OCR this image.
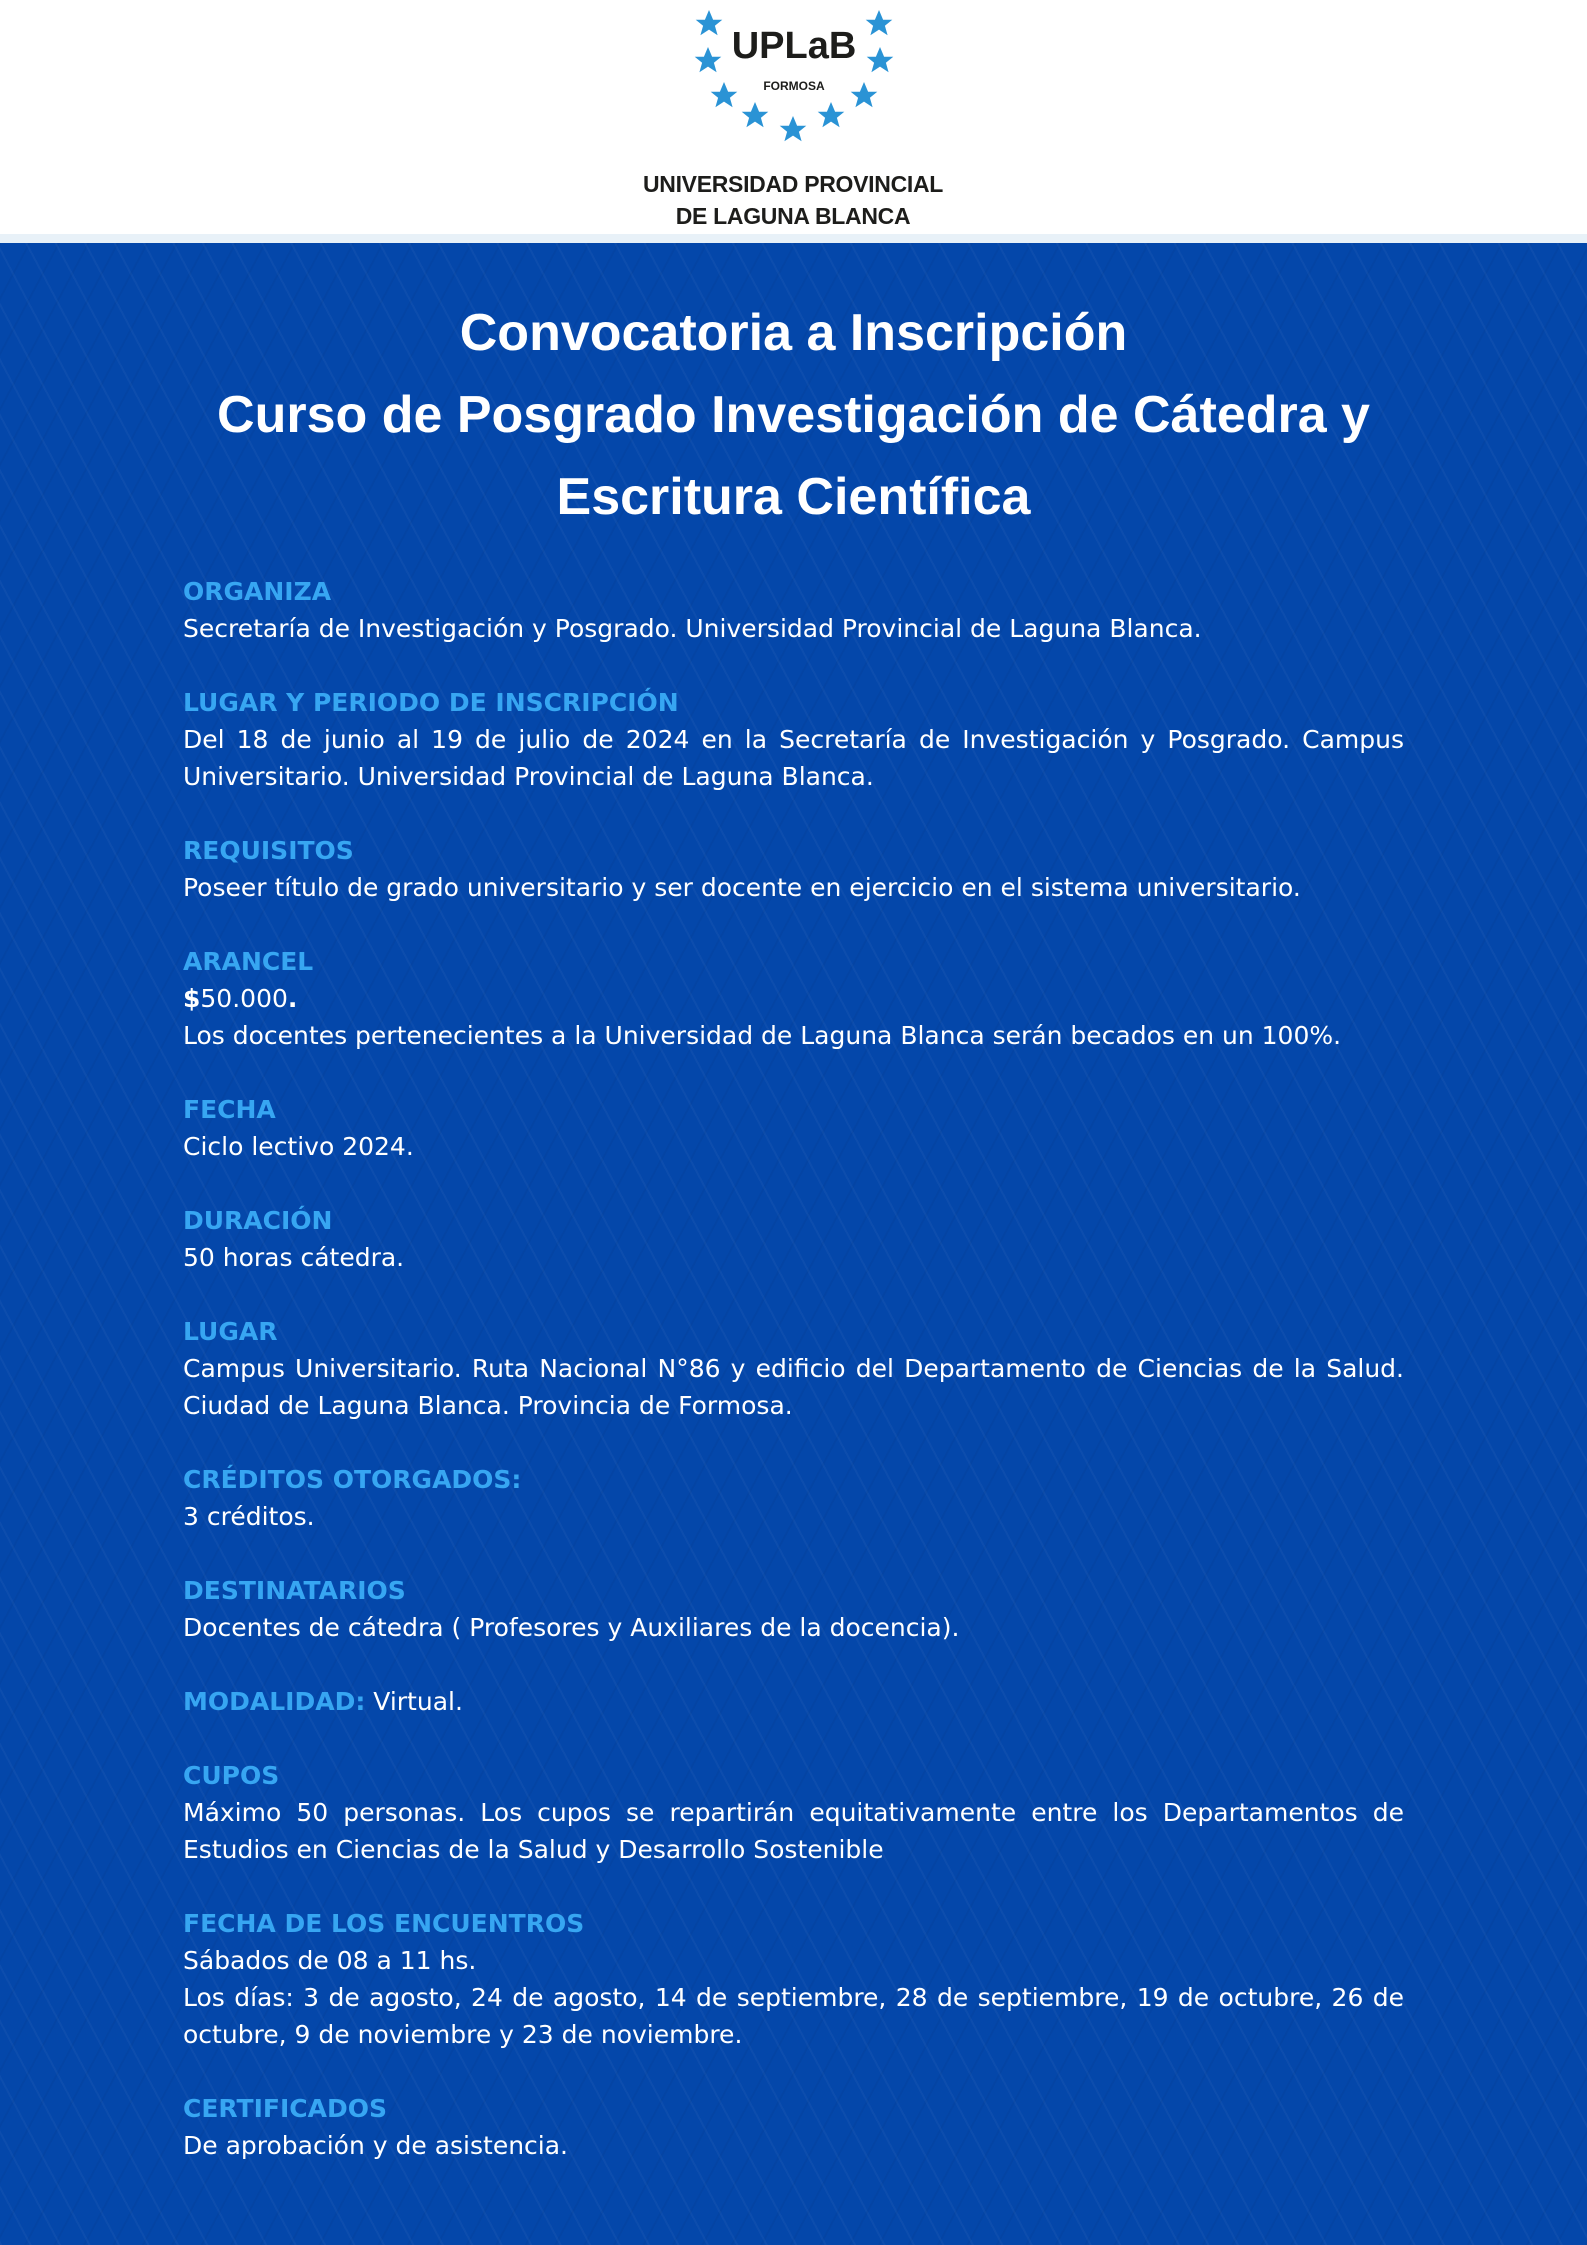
UPLaB
FORMOSA
UNIVERSIDAD PROVINCIAL
DE LAGUNA BLANCA
Convocatoria a Inscripción
Curso de Posgrado Investigación de Cátedra y
Escritura Científica
ORGANIZA
Secretaría de Investigación y Posgrado. Universidad Provincial de Laguna Blanca.
LUGAR Y PERIODO DE INSCRIPCIÓN
Del 18 de junio al 19 de julio de 2024 en la Secretaría de Investigación y Posgrado. Campus Universitario. Universidad Provincial de Laguna Blanca.
REQUISITOS
Poseer título de grado universitario y ser docente en ejercicio en el sistema universitario.
ARANCEL
$50.000.
Los docentes pertenecientes a la Universidad de Laguna Blanca serán becados en un 100%.
FECHA
Ciclo lectivo 2024.
DURACIÓN
50 horas cátedra.
LUGAR
Campus Universitario. Ruta Nacional N°86 y edificio del Departamento de Ciencias de la Salud. Ciudad de Laguna Blanca. Provincia de Formosa.
CRÉDITOS OTORGADOS:
3 créditos.
DESTINATARIOS
Docentes de cátedra ( Profesores y Auxiliares de la docencia).
MODALIDAD: Virtual.
CUPOS
Máximo 50 personas. Los cupos se repartirán equitativamente entre los Departamentos de Estudios en Ciencias de la Salud y Desarrollo Sostenible
FECHA DE LOS ENCUENTROS
Sábados de 08 a 11 hs.
Los días: 3 de agosto, 24 de agosto, 14 de septiembre, 28 de septiembre, 19 de octubre, 26 de octubre, 9 de noviembre y 23 de noviembre.
CERTIFICADOS
De aprobación y de asistencia.
